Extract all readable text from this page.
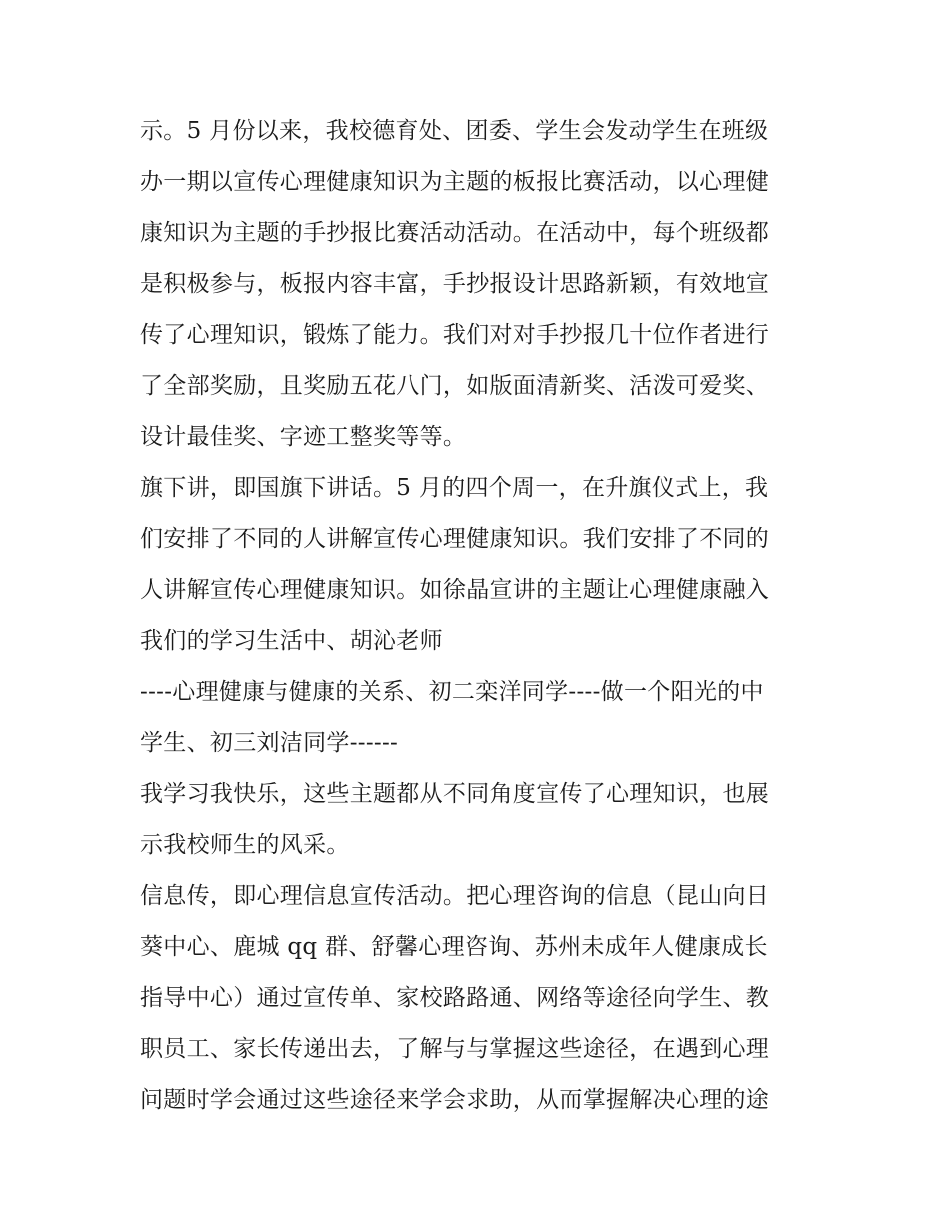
示。5 月份以来，我校德育处、团委、学生会发动学生在班级
办一期以宣传心理健康知识为主题的板报比赛活动，以心理健
康知识为主题的手抄报比赛活动活动。在活动中，每个班级都
是积极参与，板报内容丰富，手抄报设计思路新颖，有效地宣
传了心理知识，锻炼了能力。我们对对手抄报几十位作者进行
了全部奖励，且奖励五花八门，如版面清新奖、活泼可爱奖、
设计最佳奖、字迹工整奖等等。
旗下讲，即国旗下讲话。5 月的四个周一，在升旗仪式上，我
们安排了不同的人讲解宣传心理健康知识。我们安排了不同的
人讲解宣传心理健康知识。如徐晶宣讲的主题让心理健康融入
我们的学习生活中、胡沁老师
----心理健康与健康的关系、初二栾洋同学----做一个阳光的中
学生、初三刘洁同学------
我学习我快乐，这些主题都从不同角度宣传了心理知识，也展
示我校师生的风采。
信息传，即心理信息宣传活动。把心理咨询的信息（昆山向日
葵中心、鹿城 qq 群、舒馨心理咨询、苏州未成年人健康成长
指导中心）通过宣传单、家校路路通、网络等途径向学生、教
职员工、家长传递出去，了解与与掌握这些途径，在遇到心理
问题时学会通过这些途径来学会求助，从而掌握解决心理的途
